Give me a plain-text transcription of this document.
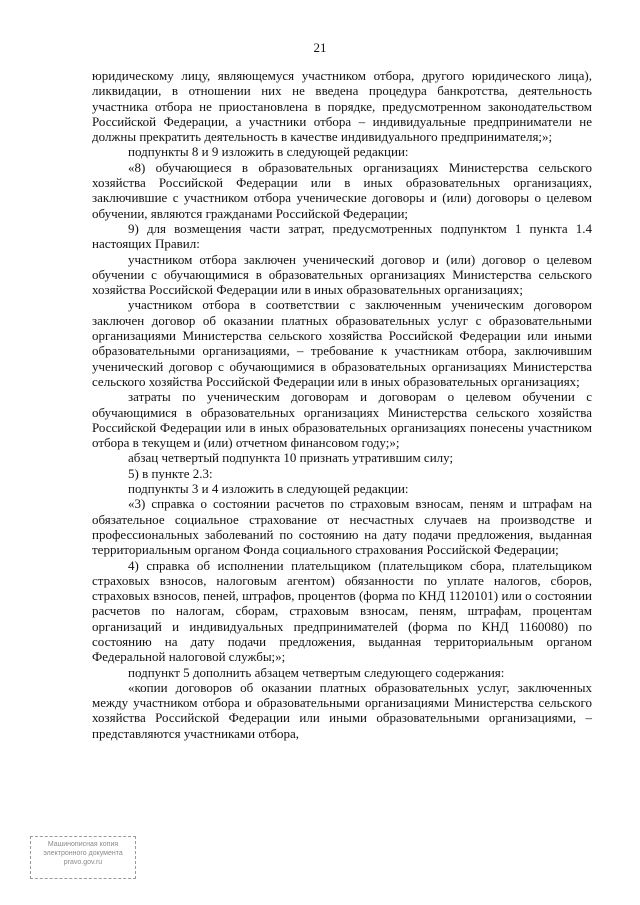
21

юридическому лицу, являющемуся участником отбора, другого юридического лица), ликвидации, в отношении них не введена процедура банкротства, деятельность участника отбора не приостановлена в порядке, предусмотренном законодательством Российской Федерации, а участники отбора – индивидуальные предприниматели не должны прекратить деятельность в качестве индивидуального предпринимателя;»;

подпункты 8 и 9 изложить в следующей редакции:

«8) обучающиеся в образовательных организациях Министерства сельского хозяйства Российской Федерации или в иных образовательных организациях, заключившие с участником отбора ученические договоры и (или) договоры о целевом обучении, являются гражданами Российской Федерации;

9) для возмещения части затрат, предусмотренных подпунктом 1 пункта 1.4 настоящих Правил:

участником отбора заключен ученический договор и (или) договор о целевом обучении с обучающимися в образовательных организациях Министерства сельского хозяйства Российской Федерации или в иных образовательных организациях;

участником отбора в соответствии с заключенным ученическим договором заключен договор об оказании платных образовательных услуг с образовательными организациями Министерства сельского хозяйства Российской Федерации или иными образовательными организациями, – требование к участникам отбора, заключившим ученический договор с обучающимися в образовательных организациях Министерства сельского хозяйства Российской Федерации или в иных образовательных организациях;

затраты по ученическим договорам и договорам о целевом обучении с обучающимися в образовательных организациях Министерства сельского хозяйства Российской Федерации или в иных образовательных организациях понесены участником отбора в текущем и (или) отчетном финансовом году;»;

абзац четвертый подпункта 10 признать утратившим силу;

5) в пункте 2.3:

подпункты 3 и 4 изложить в следующей редакции:

«3) справка о состоянии расчетов по страховым взносам, пеням и штрафам на обязательное социальное страхование от несчастных случаев на производстве и профессиональных заболеваний по состоянию на дату подачи предложения, выданная территориальным органом Фонда социального страхования Российской Федерации;

4) справка об исполнении плательщиком (плательщиком сбора, плательщиком страховых взносов, налоговым агентом) обязанности по уплате налогов, сборов, страховых взносов, пеней, штрафов, процентов (форма по КНД 1120101) или о состоянии расчетов по налогам, сборам, страховым взносам, пеням, штрафам, процентам организаций и индивидуальных предпринимателей (форма по КНД 1160080) по состоянию на дату подачи предложения, выданная территориальным органом Федеральной налоговой службы;»;

подпункт 5 дополнить абзацем четвертым следующего содержания:

«копии договоров об оказании платных образовательных услуг, заключенных между участником отбора и образовательными организациями Министерства сельского хозяйства Российской Федерации или иными образовательными организациями, – представляются участниками отбора,

Машинописная копия
электронного документа
pravo.gov.ru
